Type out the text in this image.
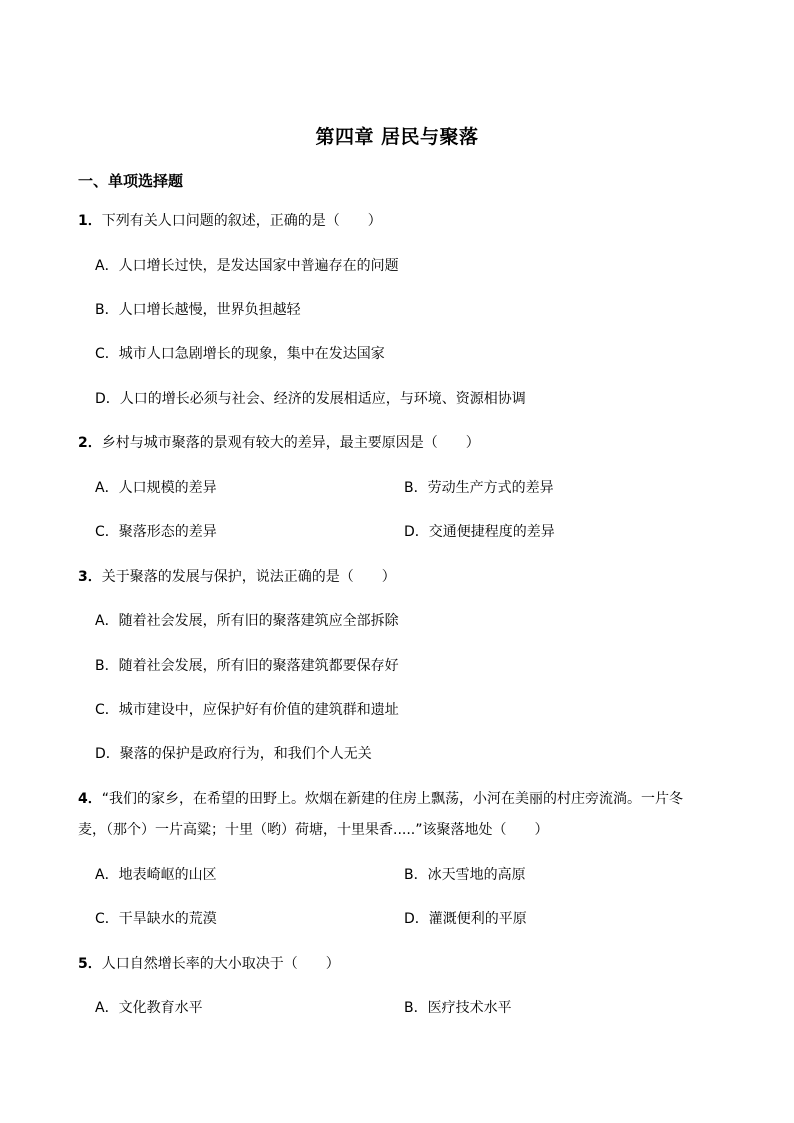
第四章 居民与聚落
一、单项选择题
1．下列有关人口问题的叙述，正确的是（　　）
A．人口增长过快，是发达国家中普遍存在的问题
B．人口增长越慢，世界负担越轻
C．城市人口急剧增长的现象，集中在发达国家
D．人口的增长必须与社会、经济的发展相适应，与环境、资源相协调
2．乡村与城市聚落的景观有较大的差异，最主要原因是（　　）
A．人口规模的差异	B．劳动生产方式的差异
C．聚落形态的差异	D．交通便捷程度的差异
3．关于聚落的发展与保护，说法正确的是（　　）
A．随着社会发展，所有旧的聚落建筑应全部拆除
B．随着社会发展，所有旧的聚落建筑都要保存好
C．城市建设中，应保护好有价值的建筑群和遗址
D．聚落的保护是政府行为，和我们个人无关
4．“我们的家乡，在希望的田野上。炊烟在新建的住房上飘荡，小河在美丽的村庄旁流淌。一片冬
麦，（那个）一片高粱；十里（哟）荷塘，十里果香.....”该聚落地处（　　）
A．地表崎岖的山区	B．冰天雪地的高原
C．干旱缺水的荒漠	D．灌溉便利的平原
5．人口自然增长率的大小取决于（　　）
A．文化教育水平	B．医疗技术水平
